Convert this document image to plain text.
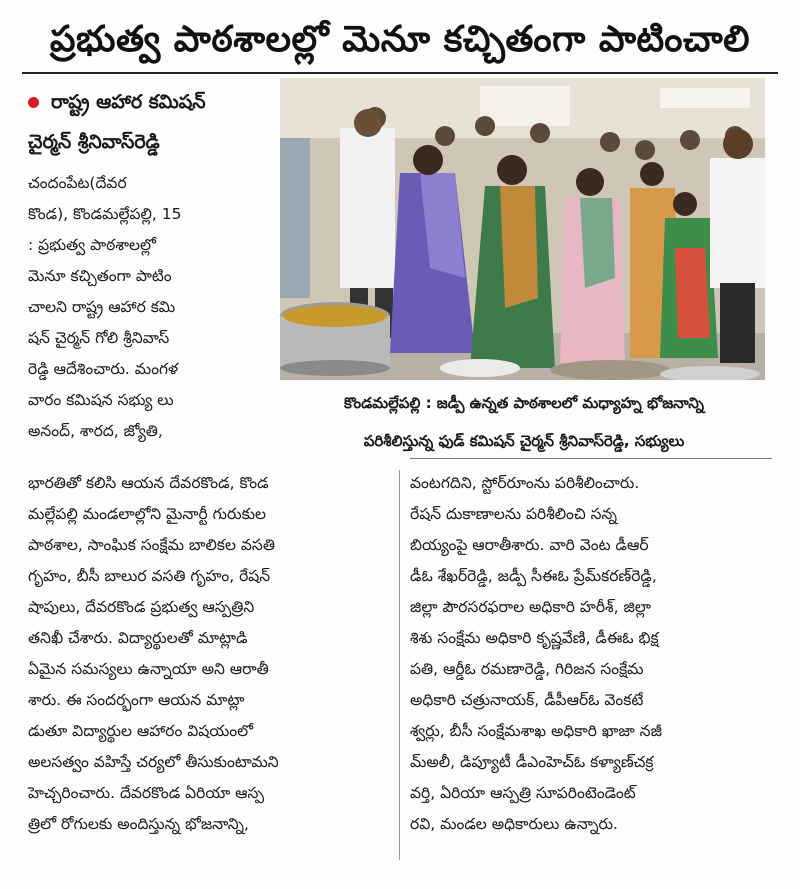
ప్రభుత్వ పాఠశాలల్లో మెనూ కచ్చితంగా పాటించాలి
రాష్ట్ర ఆహార కమిషన్
చైర్మన్ శ్రీనివాస్‌రెడ్డి

చందంపేట(దేవర
కొండ), కొండమల్లేపల్లి, 15
: ప్రభుత్వ పాఠశాలల్లో
మెనూ కచ్చితంగా పాటిం
చాలని రాష్ట్ర ఆహార కమి
షన్ చైర్మన్ గోలి శ్రీనివాస్
రెడ్డి ఆదేశించారు. మంగళ
వారం కమిషన సభ్యు లు
అనంద్, శారద, జ్యోతి,

కొండమల్లేపల్లి : జడ్పీ ఉన్నత పాఠశాలలో మధ్యాహ్న భోజనాన్ని
పరిశీలిస్తున్న ఫుడ్ కమిషన్ చైర్మన్ శ్రీనివాస్‌రెడ్డి, సభ్యులు

భారతితో కలిసి ఆయన దేవరకొండ, కొండ
మల్లేపల్లి మండలాల్లోని మైనార్టీ గురుకుల
పాఠశాల, సాంఘిక సంక్షేమ బాలికల వసతి
గృహం, బీసీ బాలుర వసతి గృహం, రేషన్
షాపులు, దేవరకొండ ప్రభుత్వ ఆస్పత్రిని
తనిఖీ చేశారు. విద్యార్థులతో మాట్లాడి
ఏమైన సమస్యలు ఉన్నాయా అని ఆరాతీ
శారు. ఈ సందర్భంగా ఆయన మాట్లా
డుతూ విద్యార్థుల ఆహారం విషయంలో
అలసత్వం వహిస్తే చర్యలో తీసుకుంటామని
హెచ్చరించారు. దేవరకొండ ఏరియా ఆస్ప
త్రిలో రోగులకు అందిస్తున్న భోజనాన్ని,

వంటగదిని, స్టోర్‌రూంను పరిశీలించారు.
రేషన్ దుకాణాలను పరిశీలించి సన్న
బియ్యంపై ఆరాతీశారు. వారి వెంట డీఆర్
డీఓ శేఖర్‌రెడ్డి, జడ్పీ సీఈఓ ప్రేమ్‌కరణ్‌రెడ్డి,
జిల్లా పౌరసరఫరాల అధికారి హరీశ్, జిల్లా
శిశు సంక్షేమ అధికారి కృష్ణవేణి, డీఈఓ భిక్ష
పతి, ఆర్డీఓ రమణారెడ్డి, గిరిజన సంక్షేమ
అధికారి చత్రునాయక్, డీపీఆర్ఓ వెంకటే
శ్వర్లు, బీసీ సంక్షేమశాఖ అధికారి ఖాజా నజీ
మ్‌అలీ, డిప్యూటీ డీఎంహెచ్ఓ కళ్యాణ్‌చక్ర
వర్తి, ఏరియా ఆస్పత్రి సూపరింటెండెంట్
రవి, మండల అధికారులు ఉన్నారు.
